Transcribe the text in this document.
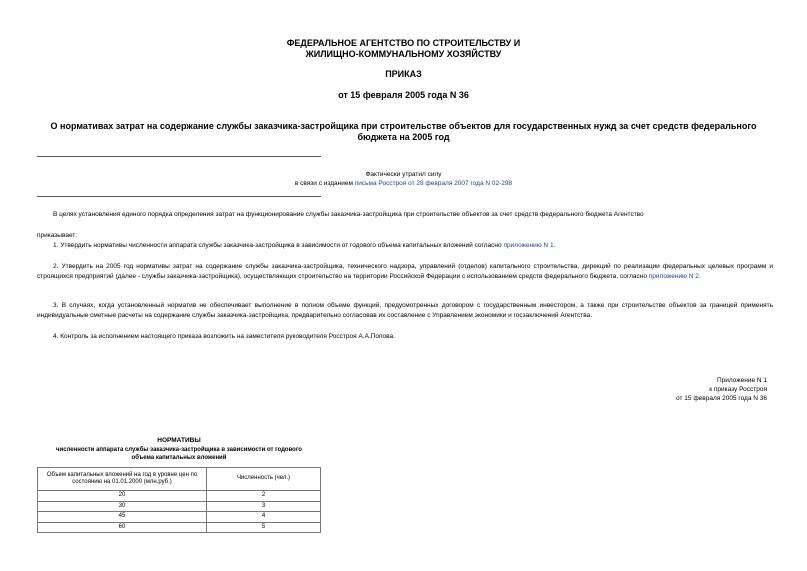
ФЕДЕРАЛЬНОЕ АГЕНТСТВО ПО СТРОИТЕЛЬСТВУ И
ЖИЛИЩНО-КОММУНАЛЬНОМУ ХОЗЯЙСТВУ
ПРИКАЗ
от 15 февраля 2005 года N 36
О нормативах затрат на содержание службы заказчика-застройщика при строительстве объектов для государственных нужд за счет средств федерального
бюджета на 2005 год
Фактически утратил силу
в связи с изданием письма Росстроя от 28 февраля 2007 года N 02-298
В целях установления единого порядка определения затрат на функционирование службы заказчика-застройщика при строительстве объектов за счет средств федерального бюджета Агентство
приказывает:
1. Утвердить нормативы численности аппарата службы заказчика-застройщика в зависимости от годового объема капитальных вложений согласно приложению N 1.
2. Утвердить на 2005 год нормативы затрат на содержание службы заказчика-застройщика, технического надзора, управлений (отделов) капитального строительства, дирекций по реализации федеральных целевых программ и строящихся предприятий (далее - службы заказчика-застройщика), осуществляющих строительство на территории Российской Федерации с использованием средств федерального бюджета, согласно приложению N 2.
3. В случаях, когда установленный норматив не обеспечивает выполнение в полном объеме функций, предусмотренных договором с государственным инвестором, а также при строительстве объектов за границей применять индивидуальные сметные расчеты на содержание службы заказчика-застройщика, предварительно согласовав их составление с Управлением экономики и госзаключений Агентства.
4. Контроль за исполнением настоящего приказа возложить на заместителя руководителя Росстроя А.А.Попова.
Приложение N 1
к приказу Росстроя
от 15 февраля 2005 года N 36
НОРМАТИВЫ
численности аппарата службы заказчика-застройщика в зависимости от годового
объема капитальных вложений
Объем капитальных вложений на год в уровне цен по состоянию на 01.01.2000 (млн.руб.)	Численность (чел.)
20	2
30	3
45	4
60	5
